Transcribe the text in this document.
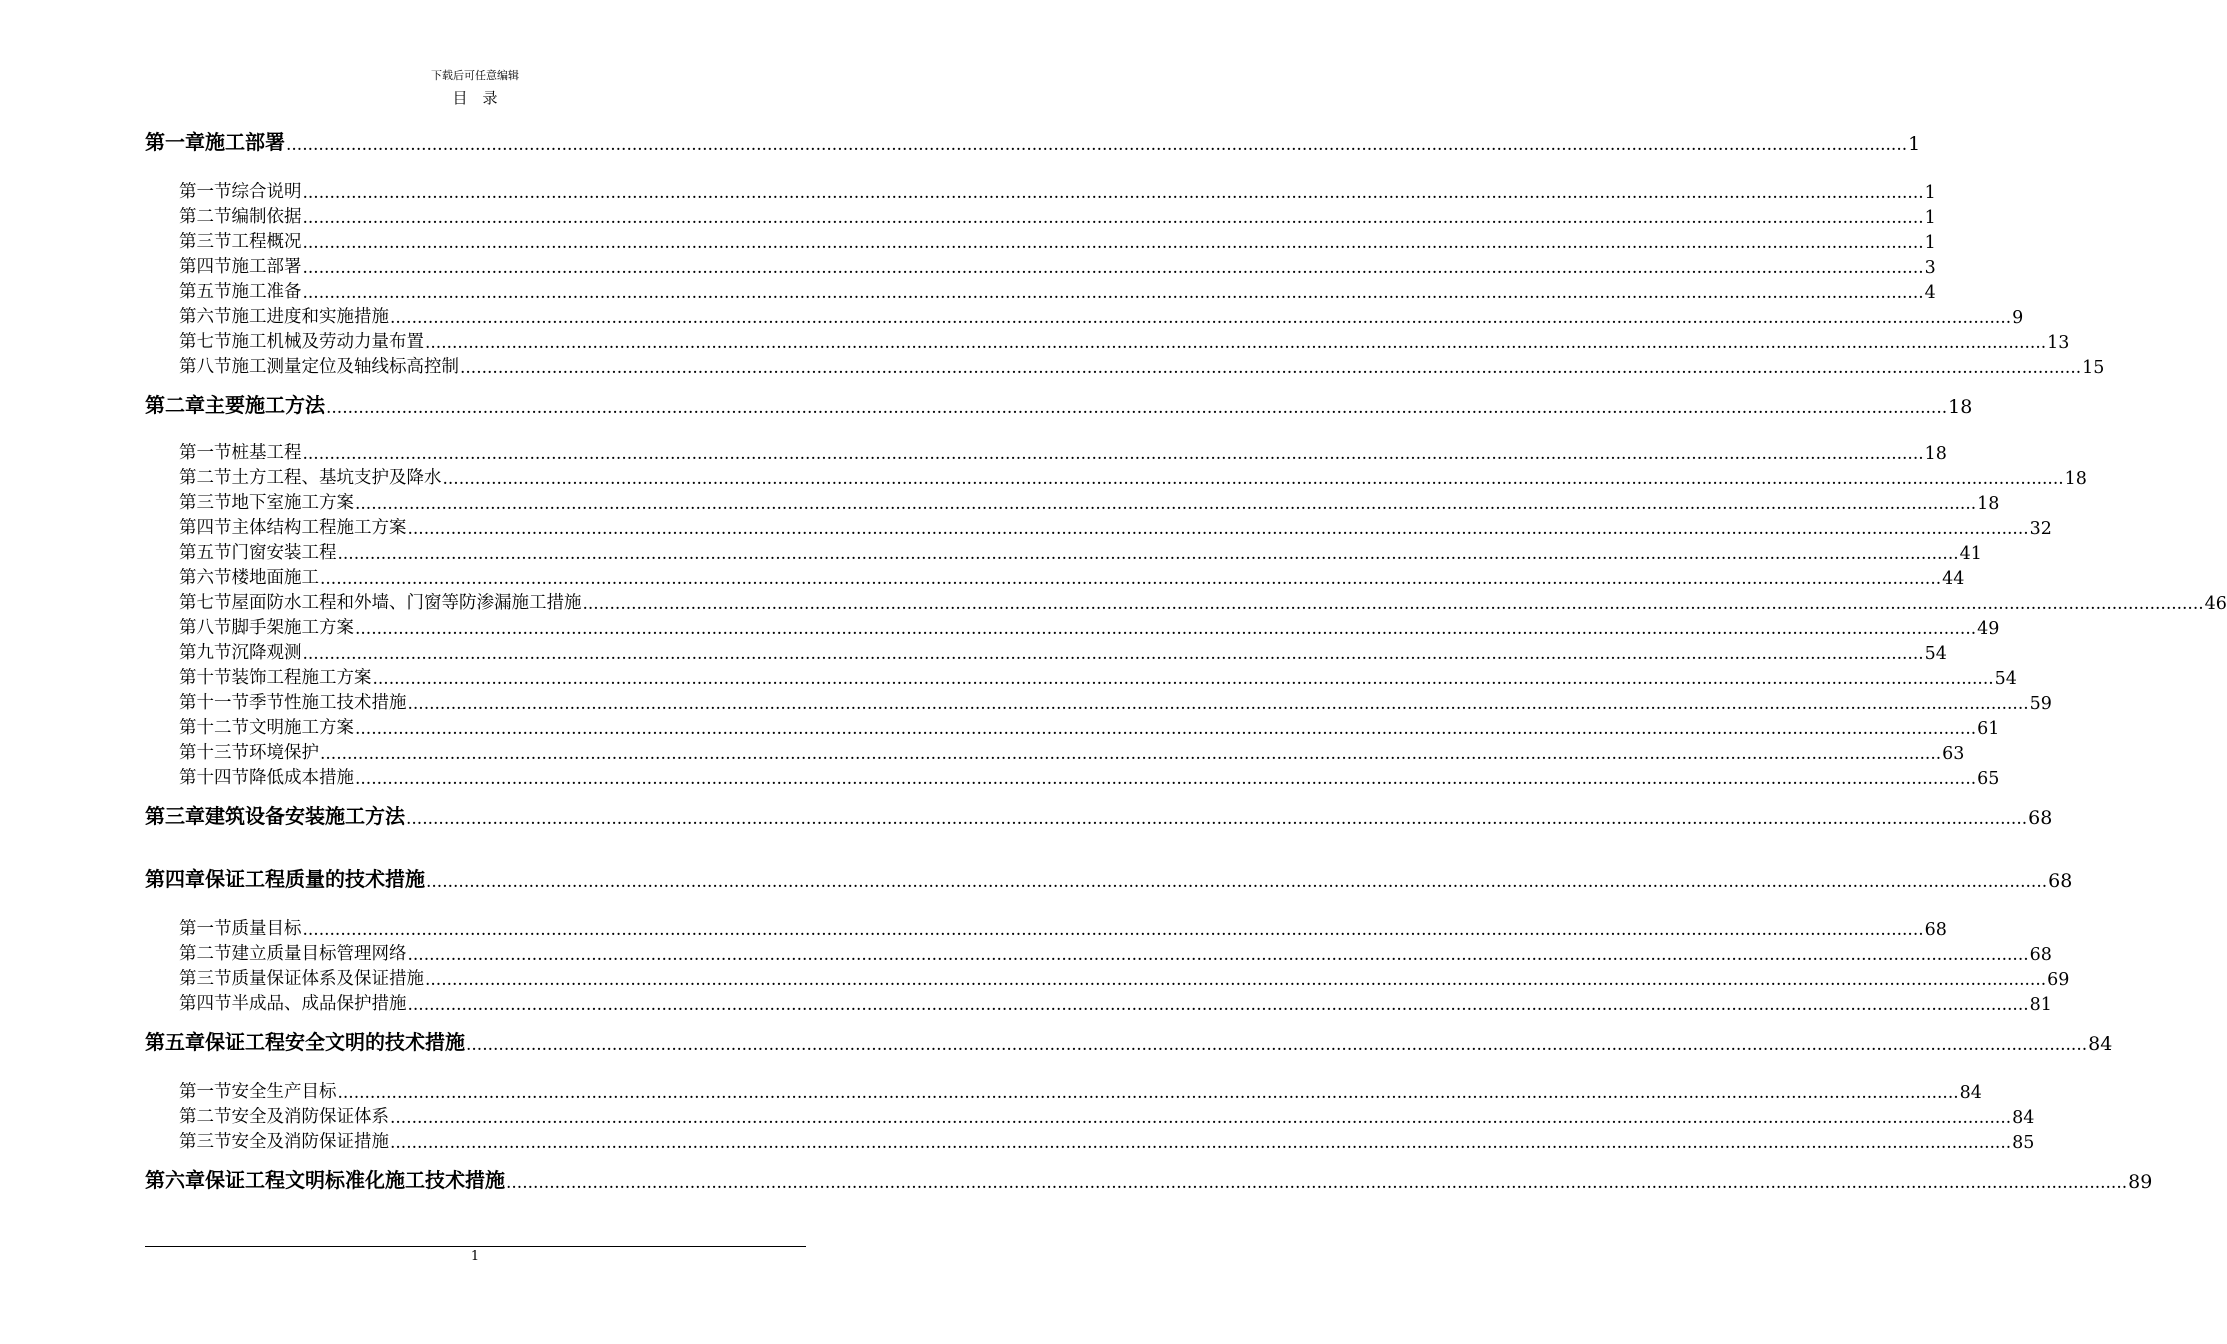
下载后可任意编辑
目　录
第一章 施工部署 ............................................................................................................................................................................................................................................................................................................ 1
第一节 综合说明 ............................................................................................................................................................................................................................................................................................................ 1
第二节 编制依据 ............................................................................................................................................................................................................................................................................................................ 1
第三节 工程概况 ............................................................................................................................................................................................................................................................................................................ 1
第四节 施工部署 ............................................................................................................................................................................................................................................................................................................ 3
第五节 施工准备 ............................................................................................................................................................................................................................................................................................................ 4
第六节 施工进度和实施措施 ............................................................................................................................................................................................................................................................................................................ 9
第七节 施工机械及劳动力量布置 ............................................................................................................................................................................................................................................................................................................ 13
第八节 施工测量定位及轴线标高控制 ............................................................................................................................................................................................................................................................................................................ 15
第二章 主要施工方法 ............................................................................................................................................................................................................................................................................................................ 18
第一节 桩基工程 ............................................................................................................................................................................................................................................................................................................ 18
第二节 土方工程、基坑支护及降水 ............................................................................................................................................................................................................................................................................................................ 18
第三节 地下室施工方案 ............................................................................................................................................................................................................................................................................................................ 18
第四节 主体结构工程施工方案 ............................................................................................................................................................................................................................................................................................................ 32
第五节 门窗安装工程 ............................................................................................................................................................................................................................................................................................................ 41
第六节 楼地面施工 ............................................................................................................................................................................................................................................................................................................ 44
第七节 屋面防水工程和外墙、门窗等防渗漏施工措施 ............................................................................................................................................................................................................................................................................................................ 46
第八节 脚手架施工方案 ............................................................................................................................................................................................................................................................................................................ 49
第九节 沉降观测 ............................................................................................................................................................................................................................................................................................................ 54
第十节 装饰工程施工方案 ............................................................................................................................................................................................................................................................................................................ 54
第十一节 季节性施工技术措施 ............................................................................................................................................................................................................................................................................................................ 59
第十二节 文明施工方案 ............................................................................................................................................................................................................................................................................................................ 61
第十三节 环境保护 ............................................................................................................................................................................................................................................................................................................ 63
第十四节 降低成本措施 ............................................................................................................................................................................................................................................................................................................ 65
第三章 建筑设备安装施工方法 ............................................................................................................................................................................................................................................................................................................ 68
第四章 保证工程质量的技术措施 ............................................................................................................................................................................................................................................................................................................ 68
第一节 质量目标 ............................................................................................................................................................................................................................................................................................................ 68
第二节 建立质量目标管理网络 ............................................................................................................................................................................................................................................................................................................ 68
第三节 质量保证体系及保证措施 ............................................................................................................................................................................................................................................................................................................ 69
第四节 半成品、成品保护措施 ............................................................................................................................................................................................................................................................................................................ 81
第五章 保证工程安全文明的技术措施 ............................................................................................................................................................................................................................................................................................................ 84
第一节 安全生产目标 ............................................................................................................................................................................................................................................................................................................ 84
第二节 安全及消防保证体系 ............................................................................................................................................................................................................................................................................................................ 84
第三节 安全及消防保证措施 ............................................................................................................................................................................................................................................................................................................ 85
第六章 保证工程文明标准化施工技术措施 ............................................................................................................................................................................................................................................................................................................ 89
1
